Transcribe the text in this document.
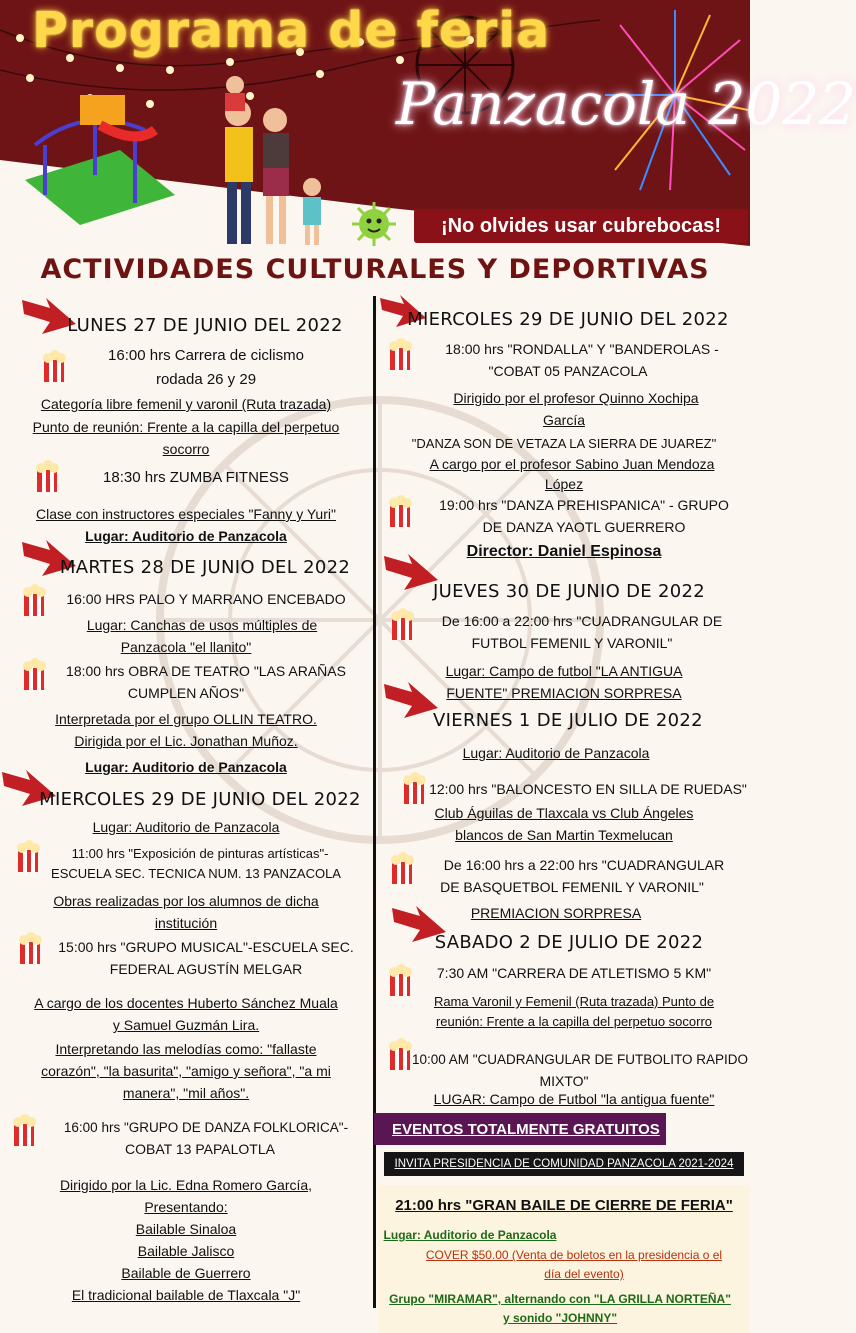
Programa de feria
Panzacola 2022
¡No olvides usar cubrebocas!
ACTIVIDADES CULTURALES Y DEPORTIVAS
LUNES 27 DE JUNIO DEL 2022
16:00 hrs Carrera de ciclismo
rodada 26 y 29
Categoría libre femenil y varonil (Ruta trazada)
Punto de reunión: Frente a la capilla del perpetuo
socorro
18:30 hrs ZUMBA FITNESS
Clase con instructores especiales "Fanny y Yuri"
Lugar: Auditorio de Panzacola
MARTES 28 DE JUNIO DEL 2022
16:00 HRS PALO Y MARRANO ENCEBADO
Lugar: Canchas de usos múltiples de
Panzacola "el llanito"
18:00 hrs OBRA DE TEATRO "LAS ARAÑAS
CUMPLEN AÑOS"
Interpretada por el grupo OLLIN TEATRO.
Dirigida por el Lic. Jonathan Muñoz.
Lugar: Auditorio de Panzacola
MIERCOLES 29 DE JUNIO DEL 2022
Lugar: Auditorio de Panzacola
11:00 hrs "Exposición de pinturas artísticas"-
ESCUELA SEC. TECNICA NUM. 13 PANZACOLA
Obras realizadas por los alumnos de dicha
institución
15:00 hrs "GRUPO MUSICAL"-ESCUELA SEC.
FEDERAL AGUSTÍN MELGAR
A cargo de los docentes Huberto Sánchez Muala
y Samuel Guzmán Lira.
Interpretando las melodías como: "fallaste
corazón", "la basurita", "amigo y señora", "a mi
manera", "mil años".
16:00 hrs "GRUPO DE DANZA FOLKLORICA"-
COBAT 13 PAPALOTLA
Dirigido por la Lic. Edna Romero García,
Presentando:
Bailable Sinaloa
Bailable Jalisco
Bailable de Guerrero
El tradicional bailable de Tlaxcala "J"
MIERCOLES 29 DE JUNIO DEL 2022
18:00 hrs "RONDALLA" Y "BANDEROLAS -
"COBAT 05 PANZACOLA
Dirigido por el profesor Quinno Xochipa
García
"DANZA SON DE VETAZA LA SIERRA DE JUAREZ"
A cargo por el profesor Sabino Juan Mendoza
López
19:00 hrs "DANZA PREHISPANICA" - GRUPO
DE DANZA YAOTL GUERRERO
Director: Daniel Espinosa
JUEVES 30 DE JUNIO DE 2022
De 16:00 a 22:00 hrs "CUADRANGULAR DE
FUTBOL FEMENIL Y VARONIL"
Lugar: Campo de futbol "LA ANTIGUA
FUENTE" PREMIACION SORPRESA
VIERNES 1 DE JULIO DE 2022
Lugar: Auditorio de Panzacola
12:00 hrs "BALONCESTO EN SILLA DE RUEDAS"
Club Águilas de Tlaxcala vs Club Ángeles
blancos de San Martin Texmelucan
De 16:00 hrs a 22:00 hrs "CUADRANGULAR
DE BASQUETBOL FEMENIL Y VARONIL"
PREMIACION SORPRESA
SABADO 2 DE JULIO DE 2022
7:30 AM "CARRERA DE ATLETISMO 5 KM"
Rama Varonil y Femenil (Ruta trazada) Punto de
reunión: Frente a la capilla del perpetuo socorro
10:00 AM "CUADRANGULAR DE FUTBOLITO RAPIDO
MIXTO"
LUGAR: Campo de Futbol "la antigua fuente"
EVENTOS TOTALMENTE GRATUITOS
INVITA PRESIDENCIA DE COMUNIDAD PANZACOLA 2021-2024
21:00 hrs "GRAN BAILE DE CIERRE DE FERIA"
Lugar: Auditorio de Panzacola
COVER $50.00 (Venta de boletos en la presidencia o el
día del evento)
Grupo "MIRAMAR", alternando con "LA GRILLA NORTEÑA"
y sonido "JOHNNY"
